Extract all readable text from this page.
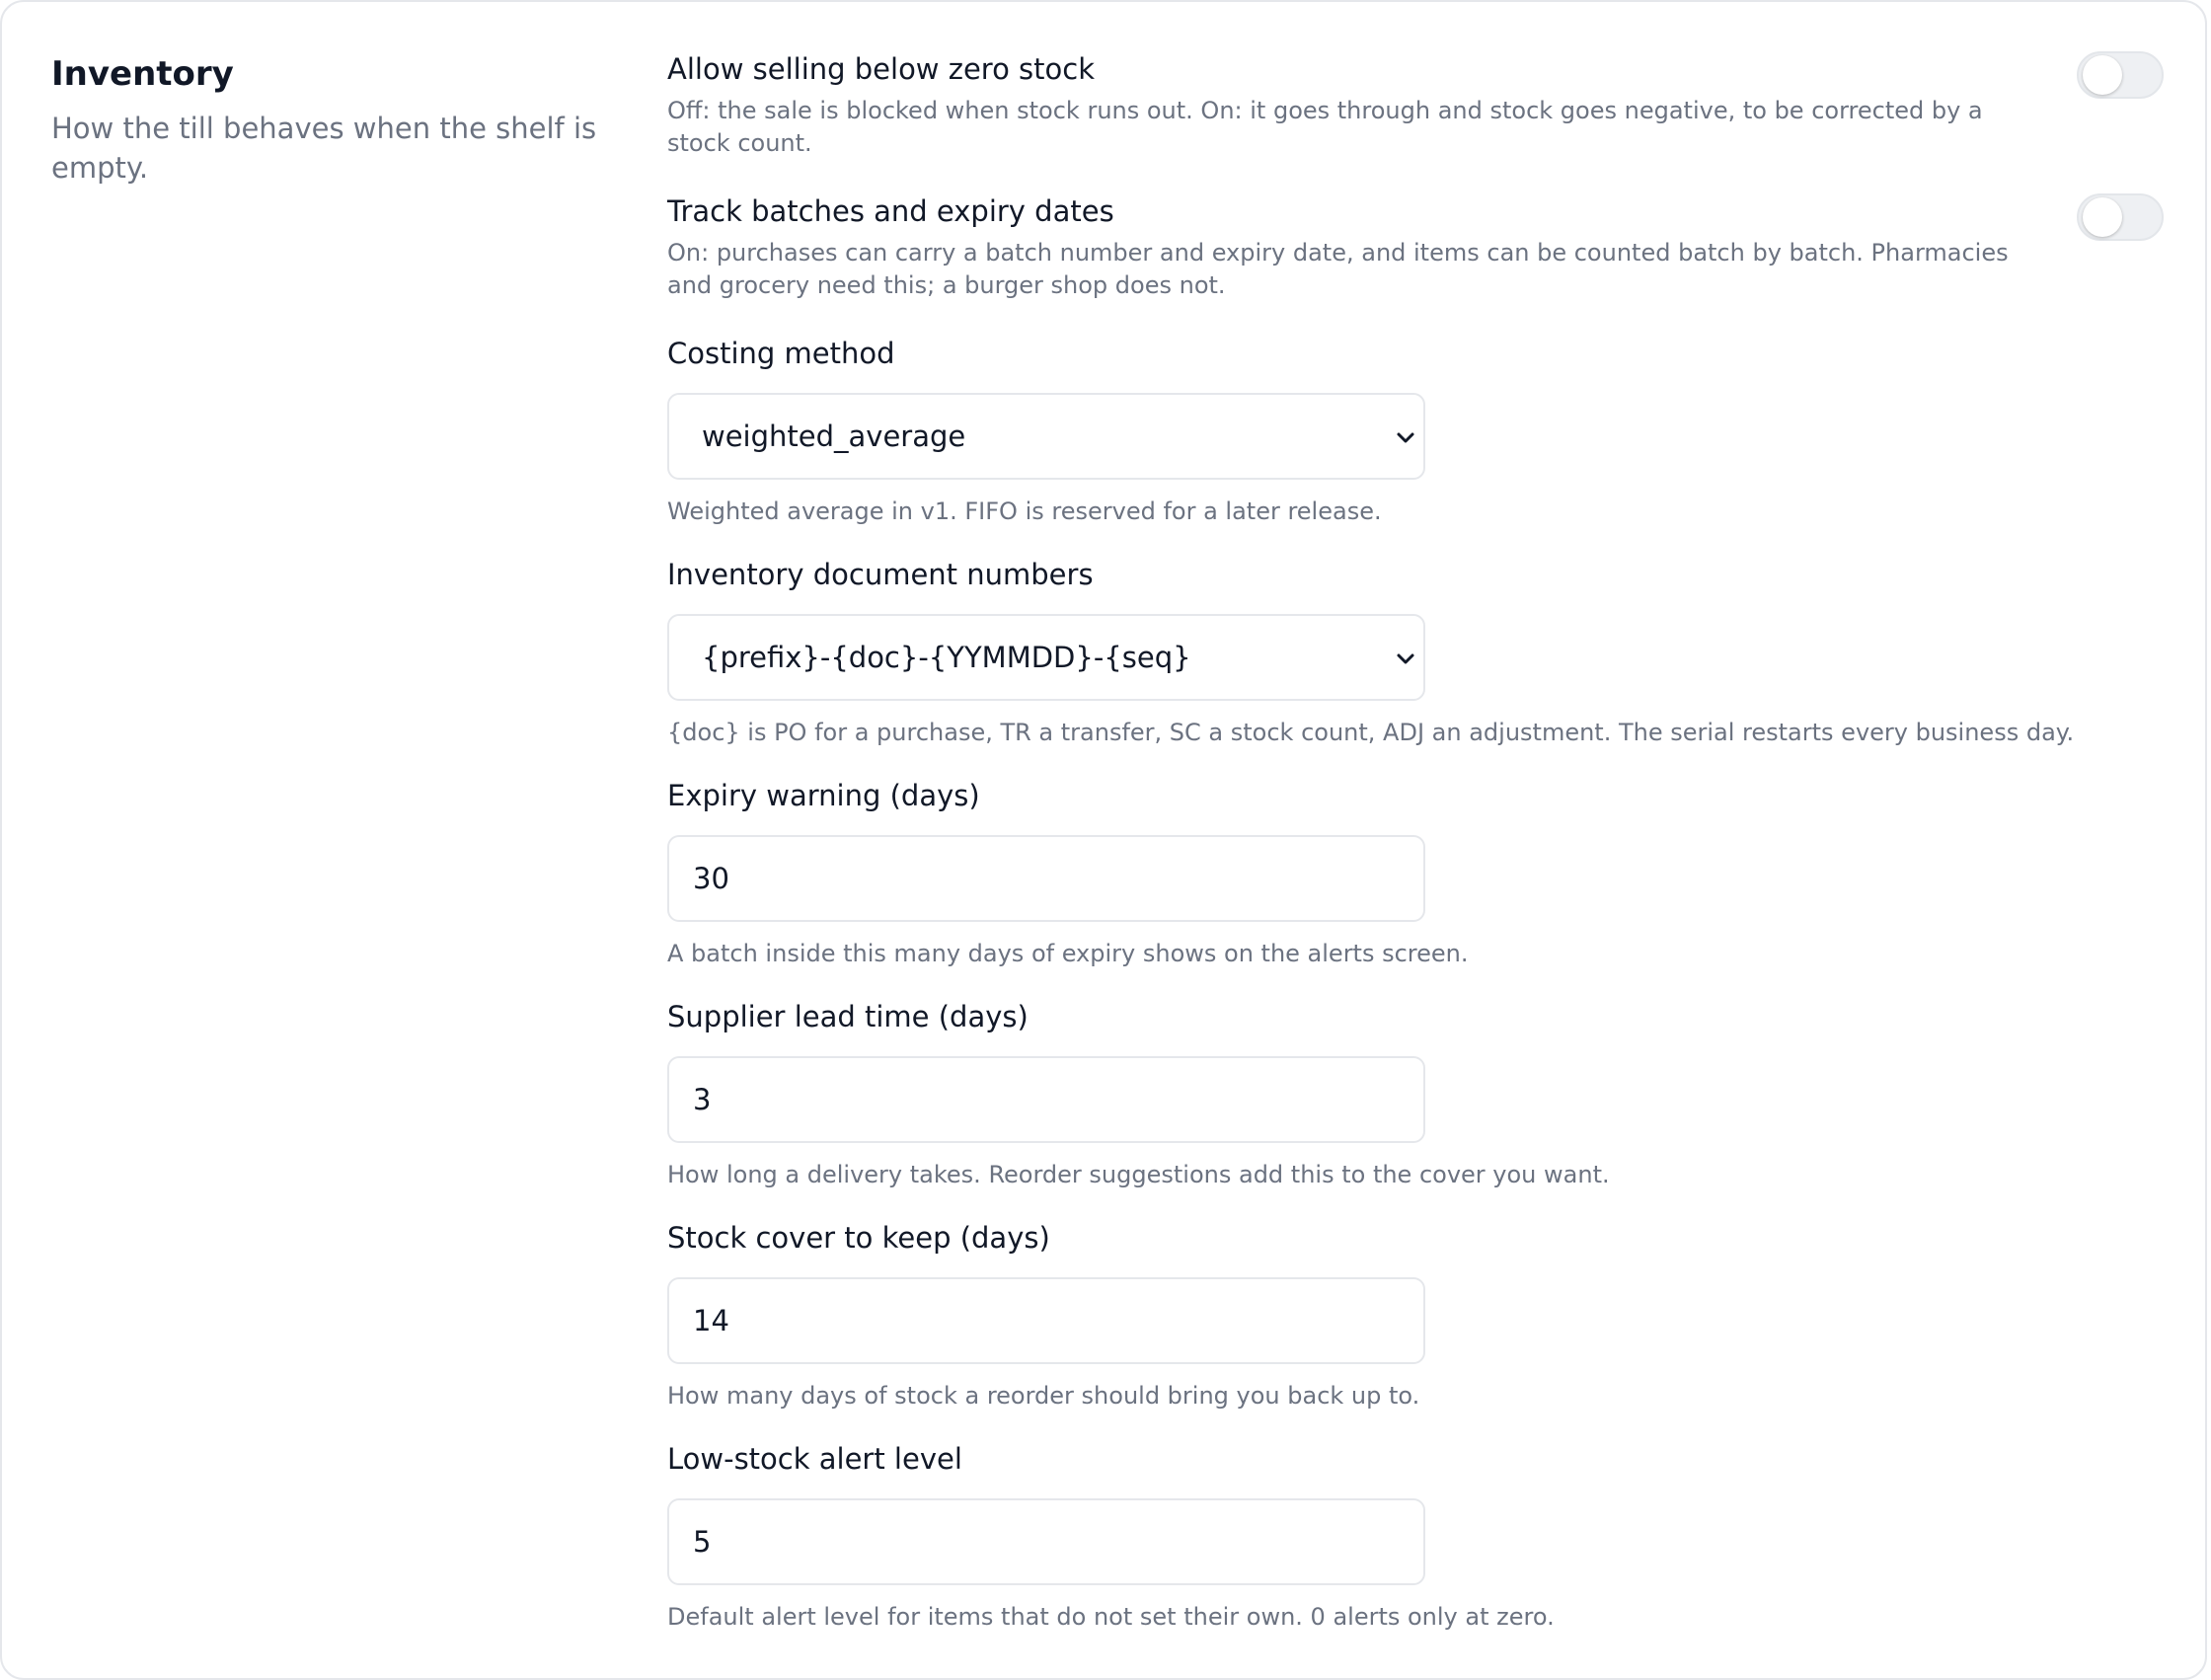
Inventory
How the till behaves when the shelf is empty.
Allow selling below zero stock
Off: the sale is blocked when stock runs out. On: it goes through and stock goes negative, to be corrected by a stock count.
Track batches and expiry dates
On: purchases can carry a batch number and expiry date, and items can be counted batch by batch. Pharmacies and grocery need this; a burger shop does not.
Costing method
weighted_average
Weighted average in v1. FIFO is reserved for a later release.
Inventory document numbers
{prefix}-{doc}-{YYMMDD}-{seq}
{doc} is PO for a purchase, TR a transfer, SC a stock count, ADJ an adjustment. The serial restarts every business day.
Expiry warning (days)
30
A batch inside this many days of expiry shows on the alerts screen.
Supplier lead time (days)
3
How long a delivery takes. Reorder suggestions add this to the cover you want.
Stock cover to keep (days)
14
How many days of stock a reorder should bring you back up to.
Low-stock alert level
5
Default alert level for items that do not set their own. 0 alerts only at zero.
